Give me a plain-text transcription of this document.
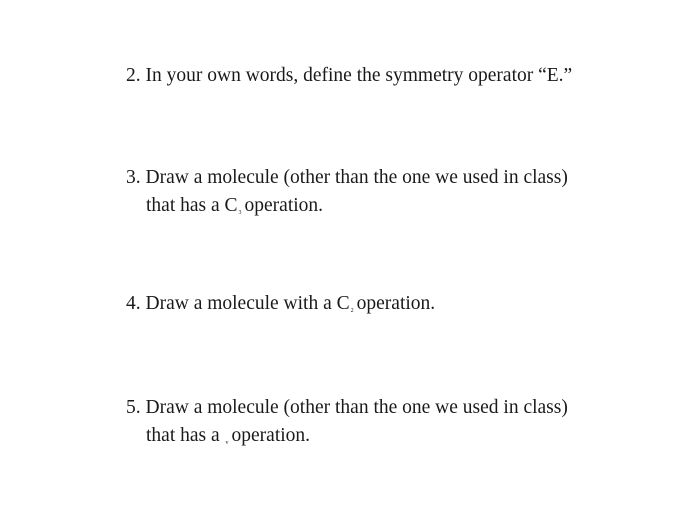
2. In your own words, define the symmetry operator “E.”
3. Draw a molecule (other than the one we used in class)
that has a $C_3$ operation.
4. Draw a molecule with a $C_2$ operation.
5. Draw a molecule (other than the one we used in class)
that has a $_v$ operation.
